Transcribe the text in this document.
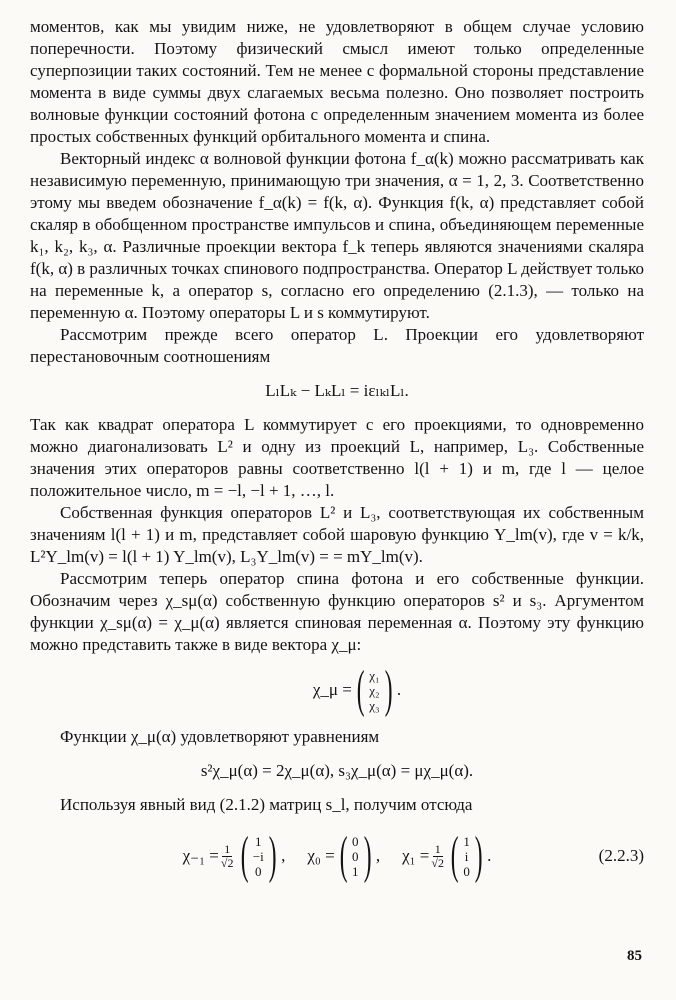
моментов, как мы увидим ниже, не удовлетворяют в общем случае условию поперечности. Поэтому физический смысл имеют только определенные суперпозиции таких состояний. Тем не менее с формальной стороны представление момента в виде суммы двух слагаемых весьма полезно. Оно позволяет построить волновые функции состояний фотона с определенным значением момента из более простых собственных функций орбитального момента и спина.

Векторный индекс α волновой функции фотона f_α(k) можно рассматривать как независимую переменную, принимающую три значения, α = 1, 2, 3. Соответственно этому мы введем обозначение f_α(k) = f(k, α). Функция f(k, α) представляет собой скаляр в обобщенном пространстве импульсов и спина, объединяющем переменные k₁, k₂, k₃, α. Различные проекции вектора f_k теперь являются значениями скаляра f(k, α) в различных точках спинового подпространства. Оператор L действует только на переменные k, а оператор s, согласно его определению (2.1.3), — только на переменную α. Поэтому операторы L и s коммутируют.

Рассмотрим прежде всего оператор L. Проекции его удовлетворяют перестановочным соотношениям

LₗLₖ − LₖLₗ = iεₗₖₗLₗ.

Так как квадрат оператора L коммутирует с его проекциями, то одновременно можно диагонализовать L² и одну из проекций L, например, L₃. Собственные значения этих операторов равны соответственно l(l + 1) и m, где l — целое положительное число, m = −l, −l + 1, …, l.

Собственная функция операторов L² и L₃, соответствующая их собственным значениям l(l + 1) и m, представляет собой шаровую функцию Y_lm(v), где v = k/k, L²Y_lm(v) = l(l + 1) Y_lm(v), L₃Y_lm(v) = = mY_lm(v).

Рассмотрим теперь оператор спина фотона и его собственные функции. Обозначим через χ_sμ(α) собственную функцию операторов s² и s₃. Аргументом функции χ_sμ(α) = χ_μ(α) является спиновая переменная α. Поэтому эту функцию можно представить также в виде вектора χ_μ:

χ_μ = ( χ₁
χ₂
χ₃ ) .

Функции χ_μ(α) удовлетворяют уравнениям

s²χ_μ(α) = 2χ_μ(α), s₃χ_μ(α) = μχ_μ(α).

Используя явный вид (2.1.2) матриц s_l, получим отсюда

$\chi_{-1} = \frac{1}{√2}$ ( 1
−i
0 ) , χ₀ = ( 0
0
1 ) , $\chi_1 = \frac{1}{√2}$ ( 1
i
0 ) .	(2.2.3)
85
